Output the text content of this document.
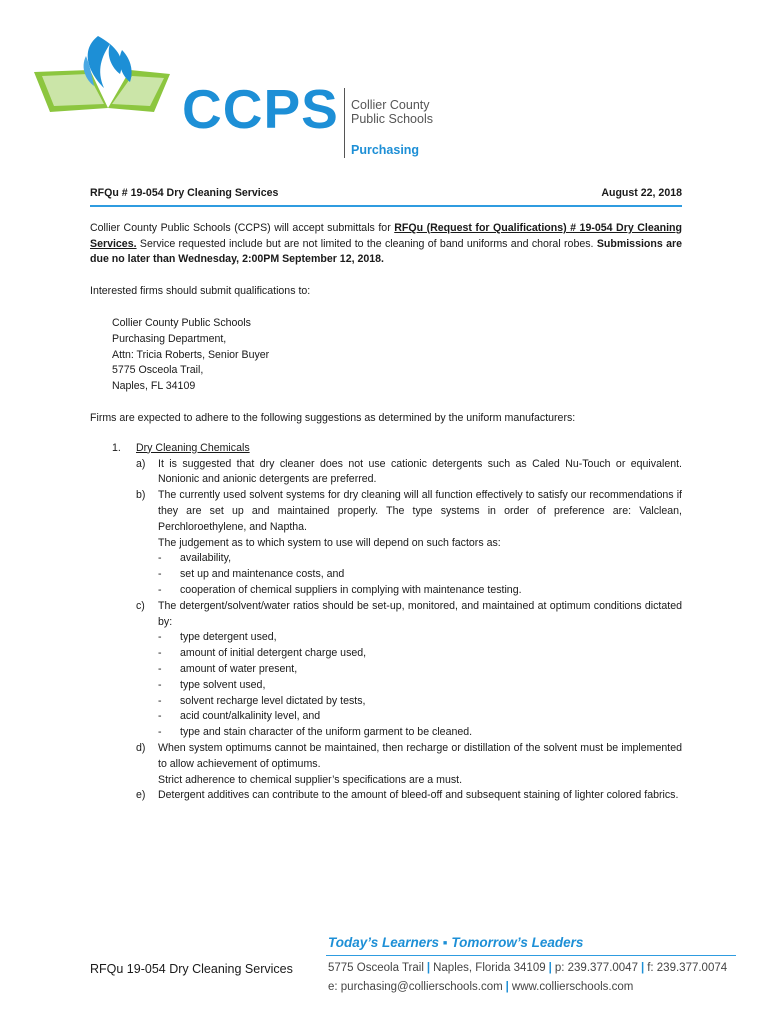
CCPS Collier County
Public Schools
Purchasing
RFQu # 19-054 Dry Cleaning Services	August 22, 2018

Collier County Public Schools (CCPS) will accept submittals for RFQu (Request for Qualifications) # 19-054 Dry Cleaning Services. Service requested include but are not limited to the cleaning of band uniforms and choral robes. Submissions are due no later than Wednesday, 2:00PM September 12, 2018.

Interested firms should submit qualifications to:

Collier County Public Schools
Purchasing Department,
Attn: Tricia Roberts, Senior Buyer
5775 Osceola Trail,
Naples, FL 34109

Firms are expected to adhere to the following suggestions as determined by the uniform manufacturers:

1.	Dry Cleaning Chemicals
a)	It is suggested that dry cleaner does not use cationic detergents such as Caled Nu-Touch or equivalent. Nonionic and anionic detergents are preferred.
b)	The currently used solvent systems for dry cleaning will all function effectively to satisfy our recommendations if they are set up and maintained properly. The type systems in order of preference are: Valclean, Perchloroethylene, and Naptha.
The judgement as to which system to use will depend on such factors as:
-	availability,
-	set up and maintenance costs, and
-	cooperation of chemical suppliers in complying with maintenance testing.
c)	The detergent/solvent/water ratios should be set-up, monitored, and maintained at optimum conditions dictated by:
-	type detergent used,
-	amount of initial detergent charge used,
-	amount of water present,
-	type solvent used,
-	solvent recharge level dictated by tests,
-	acid count/alkalinity level, and
-	type and stain character of the uniform garment to be cleaned.
d)	When system optimums cannot be maintained, then recharge or distillation of the solvent must be implemented to allow achievement of optimums.
Strict adherence to chemical supplier’s specifications are a must.
e)	Detergent additives can contribute to the amount of bleed-off and subsequent staining of lighter colored fabrics.
RFQu 19-054 Dry Cleaning Services
Today’s Learners ▪ Tomorrow’s Leaders
5775 Osceola Trail | Naples, Florida 34109 | p: 239.377.0047 | f: 239.377.0074
e: purchasing@collierschools.com | www.collierschools.com
